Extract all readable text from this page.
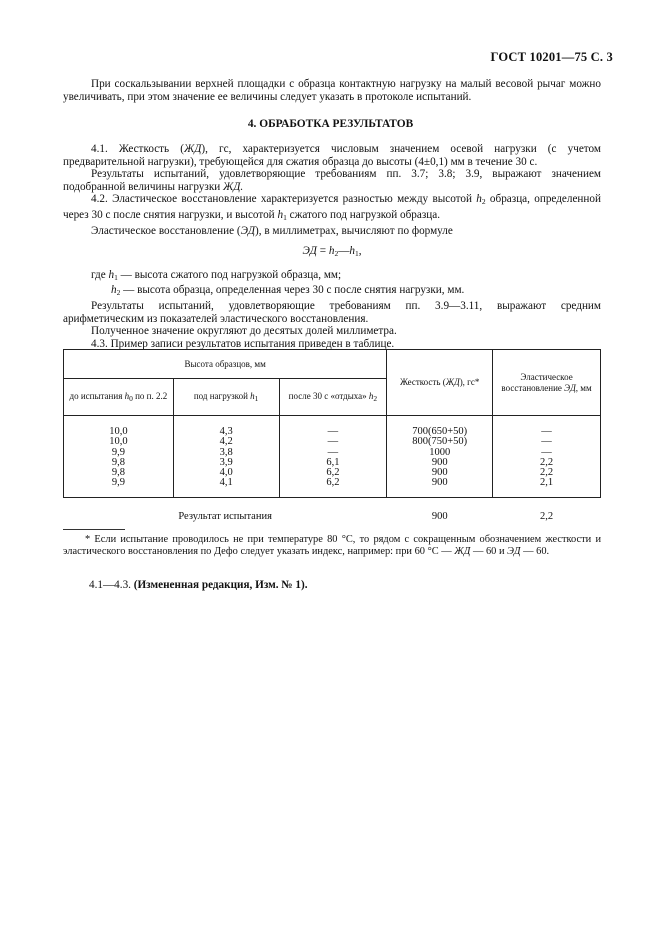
ГОСТ 10201—75 С. 3
При соскальзывании верхней площадки с образца контактную нагрузку на малый весовой рычаг можно увеличивать, при этом значение ее величины следует указать в протоколе испытаний.
4. ОБРАБОТКА РЕЗУЛЬТАТОВ

4.1. Жесткость (ЖД), гс, характеризуется числовым значением осевой нагрузки (с учетом предварительной нагрузки), требующейся для сжатия образца до высоты (4±0,1) мм в течение 30 с.

Результаты испытаний, удовлетворяющие требованиям пп. 3.7; 3.8; 3.9, выражают значением подобранной величины нагрузки ЖД.

4.2. Эластическое восстановление характеризуется разностью между высотой $h_2$ образца, определенной через 30 с после снятия нагрузки, и высотой $h_1$ сжатого под нагрузкой образца.

Эластическое восстановление (ЭД), в миллиметрах, вычисляют по формуле

ЭД = $h_2—h_1$,

где $h_1$ — высота сжатого под нагрузкой образца, мм;

$h_2$ — высота образца, определенная через 30 с после снятия нагрузки, мм.

Результаты испытаний, удовлетворяющие требованиям пп. 3.9—3.11, выражают средним арифметическим из показателей эластического восстановления.

Полученное значение округляют до десятых долей миллиметра.

4.3. Пример записи результатов испытания приведен в таблице.

Высота образцов, мм			Жесткость (ЖД), гс*	Эластическое восстановление ЭД, мм
до испытания $h_0$ по п. 2.2	под нагрузкой $h_1$	после 30 с «отдыха» $h_2$
10,0	4,3	—	700(650+50)	—
10,0	4,2	—	800(750+50)	—
9,9	3,8	—	1000	—
9,8	3,9	6,1	900	2,2
9,8	4,0	6,2	900	2,2
9,9	4,1	6,2	900	2,1
Результат испытания			900	2,2
* Если испытание проводилось не при температуре 80 °С, то рядом с сокращенным обозначением жесткости и эластического восстановления по Дефо следует указать индекс, например: при 60 °С — ЖД — 60 и ЭД — 60.
4.1—4.3. (Измененная редакция, Изм. № 1).
